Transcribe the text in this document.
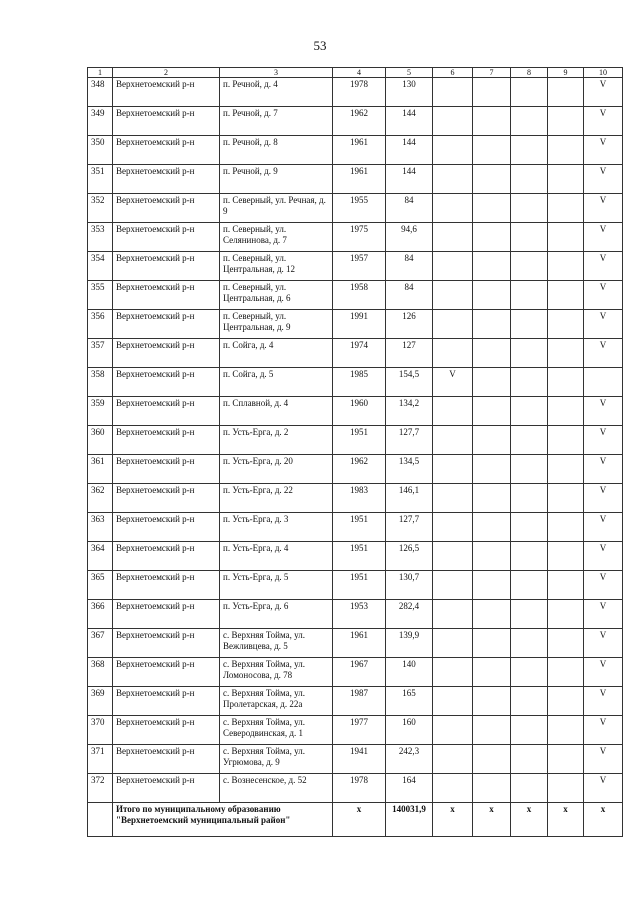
53
1	2	3	4	5	6	7	8	9	10
348	Верхнетоемский р-н	п. Речной, д. 4	1978	130					V
349	Верхнетоемский р-н	п. Речной, д. 7	1962	144					V
350	Верхнетоемский р-н	п. Речной, д. 8	1961	144					V
351	Верхнетоемский р-н	п. Речной, д. 9	1961	144					V
352	Верхнетоемский р-н	п. Северный, ул. Речная, д. 9	1955	84					V
353	Верхнетоемский р-н	п. Северный, ул. Селянинова, д. 7	1975	94,6					V
354	Верхнетоемский р-н	п. Северный, ул. Центральная, д. 12	1957	84					V
355	Верхнетоемский р-н	п. Северный, ул. Центральная, д. 6	1958	84					V
356	Верхнетоемский р-н	п. Северный, ул. Центральная, д. 9	1991	126					V
357	Верхнетоемский р-н	п. Сойга, д. 4	1974	127					V
358	Верхнетоемский р-н	п. Сойга, д. 5	1985	154,5	V				
359	Верхнетоемский р-н	п. Сплавной, д. 4	1960	134,2					V
360	Верхнетоемский р-н	п. Усть-Ерга, д. 2	1951	127,7					V
361	Верхнетоемский р-н	п. Усть-Ерга, д. 20	1962	134,5					V
362	Верхнетоемский р-н	п. Усть-Ерга, д. 22	1983	146,1					V
363	Верхнетоемский р-н	п. Усть-Ерга, д. 3	1951	127,7					V
364	Верхнетоемский р-н	п. Усть-Ерга, д. 4	1951	126,5					V
365	Верхнетоемский р-н	п. Усть-Ерга, д. 5	1951	130,7					V
366	Верхнетоемский р-н	п. Усть-Ерга, д. 6	1953	282,4					V
367	Верхнетоемский р-н	с. Верхняя Тойма, ул. Вежливцева, д. 5	1961	139,9					V
368	Верхнетоемский р-н	с. Верхняя Тойма, ул. Ломоносова, д. 78	1967	140					V
369	Верхнетоемский р-н	с. Верхняя Тойма, ул. Пролетарская, д. 22а	1987	165					V
370	Верхнетоемский р-н	с. Верхняя Тойма, ул. Северодвинская, д. 1	1977	160					V
371	Верхнетоемский р-н	с. Верхняя Тойма, ул. Угрюмова, д. 9	1941	242,3					V
372	Верхнетоемский р-н	с. Вознесенское, д. 52	1978	164					V
	Итого по муниципальному образованию "Верхнетоемский муниципальный район"		x	140031,9	x	x	x	x	x
